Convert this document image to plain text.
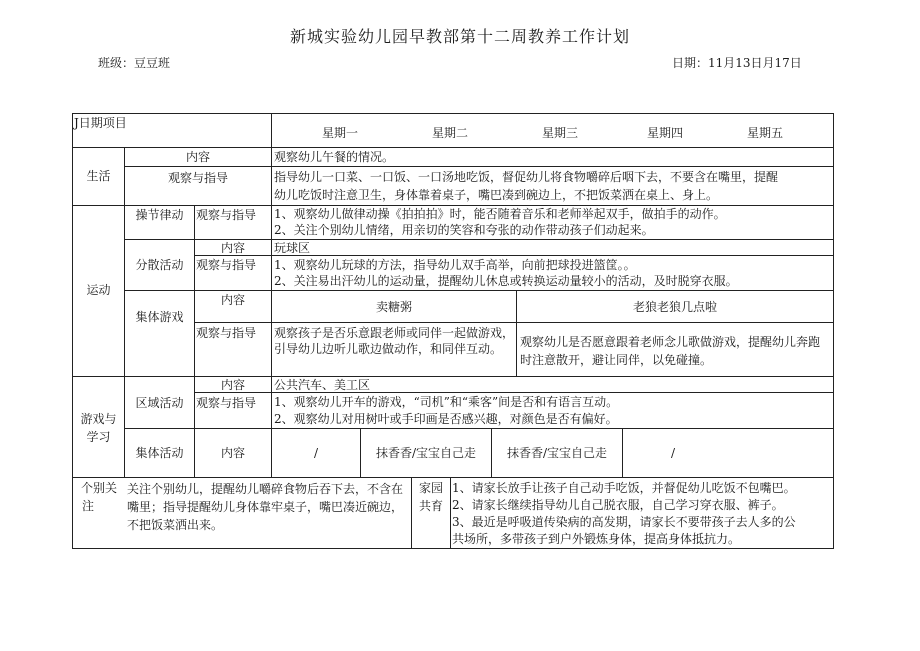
新城实验幼儿园早教部第十二周教养工作计划
班级：豆豆班	日期：11月13日月17日
J日期项目
星期一	星期二	星期三	星期四	星期五
生活
内容	观察幼儿午餐的情况。
观察与指导	指导幼儿一口菜、一口饭、一口汤地吃饭，督促幼儿将食物嚼碎后咽下去，不要含在嘴里，提醒
幼儿吃饭时注意卫生，身体靠着桌子，嘴巴凑到碗边上，不把饭菜洒在桌上、身上。
运动
操节律动	观察与指导 1、观察幼儿做律动操《拍拍拍》时，能否随着音乐和老师举起双手，做拍手的动作。
2、关注个别幼儿情绪，用亲切的笑容和夸张的动作带动孩子们动起来。
分散活动
内容	玩球区
观察与指导 1、观察幼儿玩球的方法，指导幼儿双手高举，向前把球投进篮筐。。
2、关注易出汗幼儿的运动量，提醒幼儿休息或转换运动量较小的活动，及时脱穿衣服。
集体游戏
内容	卖糖粥	老狼老狼几点啦
观察与指导 观察孩子是否乐意跟老师或同伴一起做游戏，引导幼儿边听儿歌边做动作，和同伴互动。	观察幼儿是否愿意跟着老师念儿歌做游戏，提醒幼儿奔跑时注意散开，避让同伴，以免碰撞。
游戏与
学习
区域活动
内容	公共汽车、美工区
观察与指导 1、观察幼儿开车的游戏，“司机”和“乘客”间是否和有语言互动。
2、观察幼儿对用树叶或手印画是否感兴趣，对颜色是否有偏好。
集体活动	内容	/	抹香香/宝宝自己走	抹香香/宝宝自己走	/
个别关
注
关注个别幼儿，提醒幼儿嚼碎食物后吞下去，不含在嘴里；指导提醒幼儿身体靠牢桌子，嘴巴凑近碗边，不把饭菜洒出来。
家园
共育
1、请家长放手让孩子自己动手吃饭，并督促幼儿吃饭不包嘴巴。
2、请家长继续指导幼儿自己脱衣服，自己学习穿衣服、裤子。
3、最近是呼吸道传染病的高发期，请家长不要带孩子去人多的公
共场所，多带孩子到户外锻炼身体，提高身体抵抗力。
